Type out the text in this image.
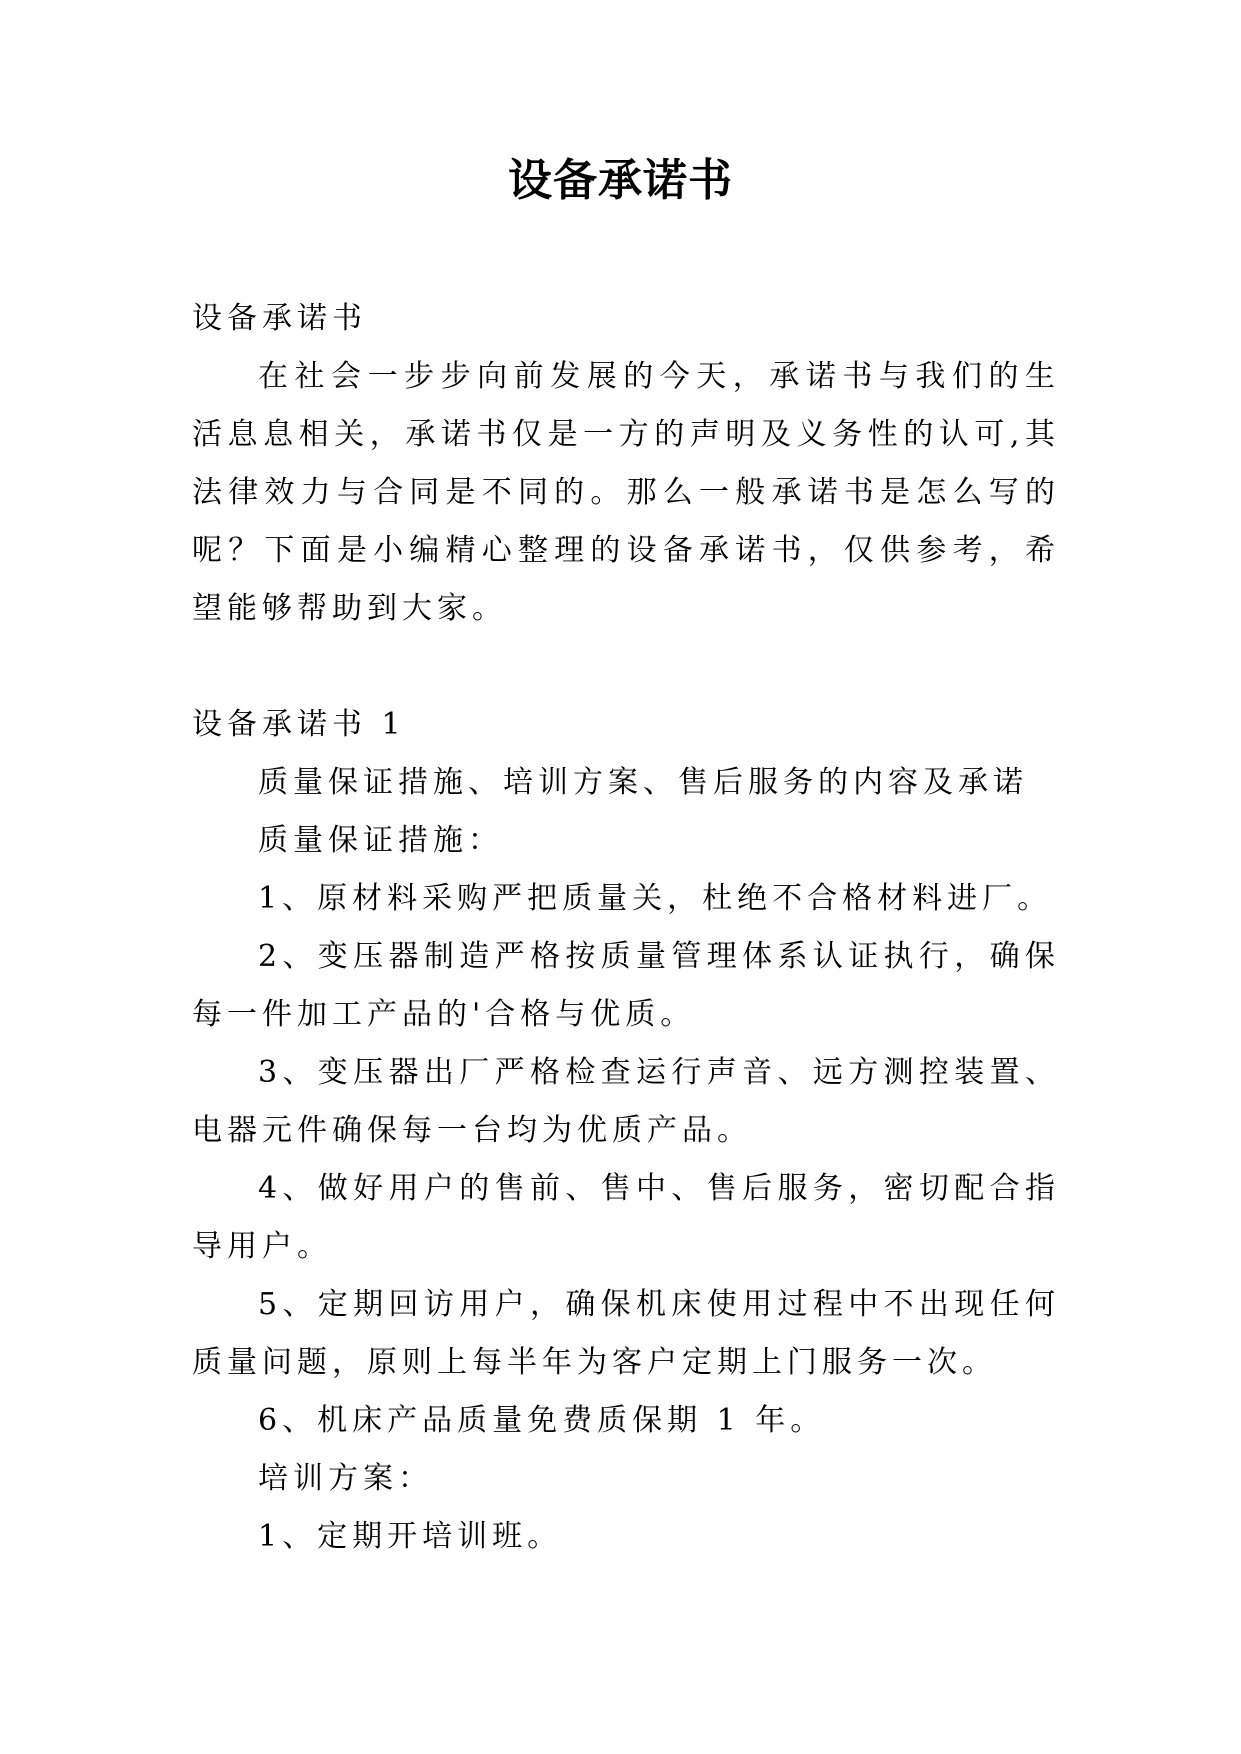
设备承诺书

设备承诺书

在社会一步步向前发展的今天，承诺书与我们的生活息息相关，承诺书仅是一方的声明及义务性的认可,其法律效力与合同是不同的。那么一般承诺书是怎么写的呢？下面是小编精心整理的设备承诺书，仅供参考，希望能够帮助到大家。

设备承诺书 1

质量保证措施、培训方案、售后服务的内容及承诺

质量保证措施：

1、原材料采购严把质量关，杜绝不合格材料进厂。

2、变压器制造严格按质量管理体系认证执行，确保每一件加工产品的'合格与优质。

3、变压器出厂严格检查运行声音、远方测控装置、电器元件确保每一台均为优质产品。

4、做好用户的售前、售中、售后服务，密切配合指导用户。

5、定期回访用户，确保机床使用过程中不出现任何质量问题，原则上每半年为客户定期上门服务一次。

6、机床产品质量免费质保期 1 年。

培训方案：

1、定期开培训班。
